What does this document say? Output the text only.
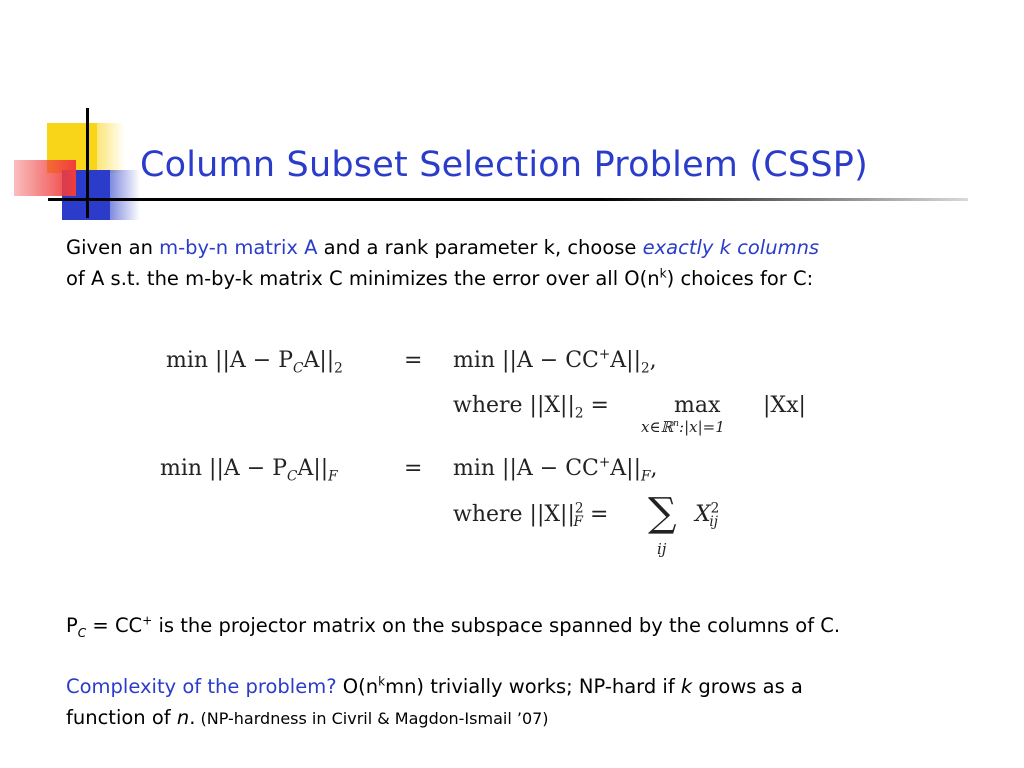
Column Subset Selection Problem (CSSP)
Given an m-by-n matrix A and a rank parameter k, choose exactly k columns
of A s.t. the m-by-k matrix C minimizes the error over all $O(n^k)$ choices for C:
$\min ||A - P_CA||_2$	= $\min ||A - CC^+A||_2$,
where $||X||_2$ =	max
x∈ℝ$^n$:|x|=1
|Xx|
$\min ||A - P_CA||_F$	= $\min ||A - CC^+A||_F$,
where $||X||^2_F$ = ∑
ij
$X^2_{ij}$
$P_C = CC^+$ is the projector matrix on the subspace spanned by the columns of C.
Complexity of the problem? $O(n^kmn)$ trivially works; NP-hard if k grows as a
function of n. (NP-hardness in Civril & Magdon-Ismail ’07)
